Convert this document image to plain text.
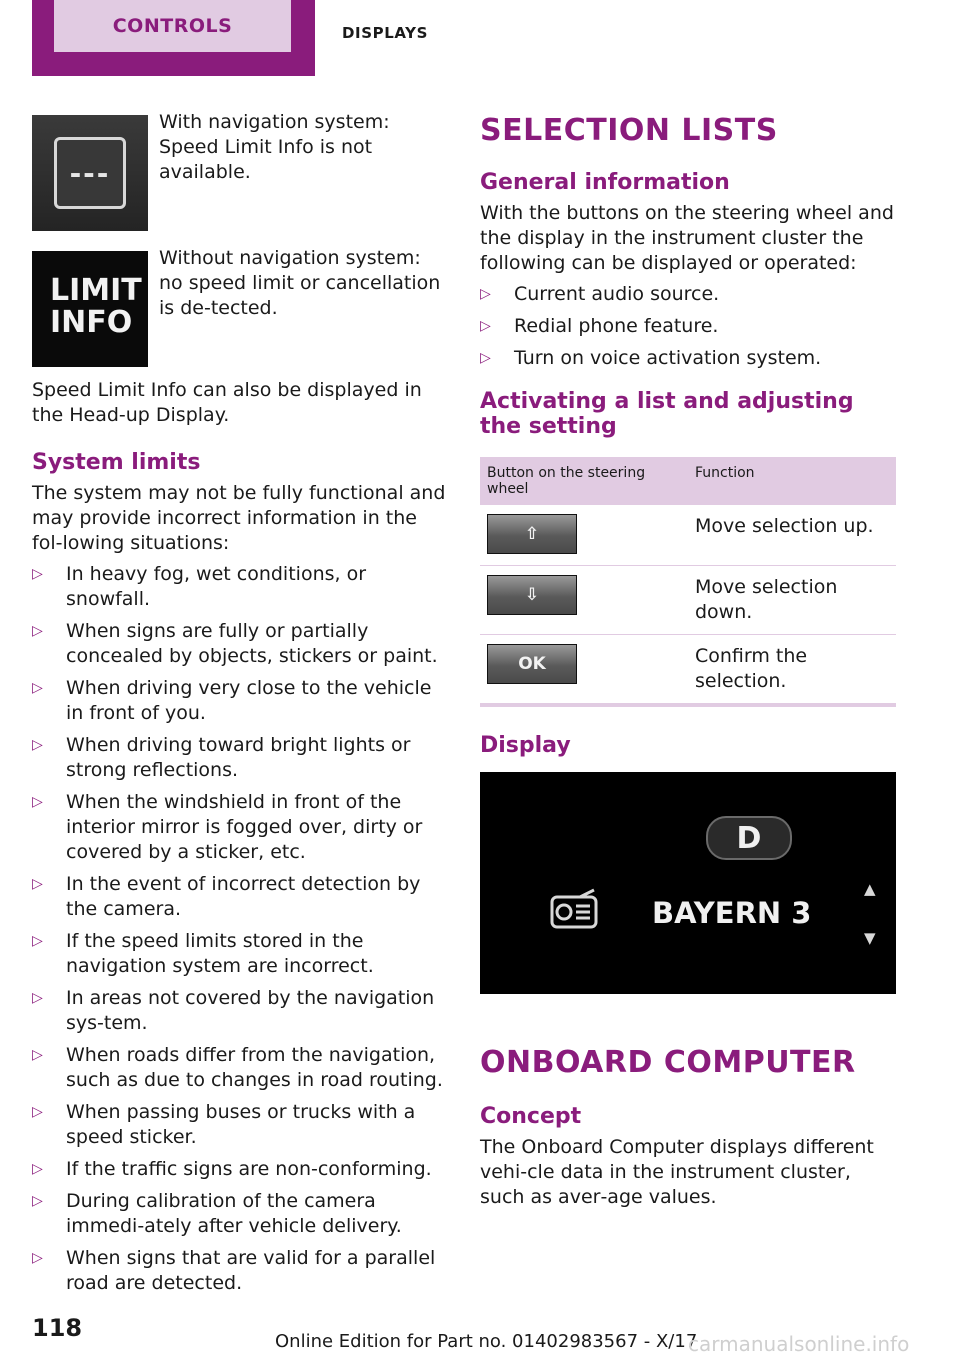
CONTROLS	DISPLAYS
---

With navigation system: Speed Limit Info is not available.

LIMIT
INFO

Without navigation system: no speed limit or cancellation is de‐tected.

Speed Limit Info can also be displayed in the Head-up Display.

System limits

The system may not be fully functional and may provide incorrect information in the fol‐lowing situations:

▷ In heavy fog, wet conditions, or snowfall.
▷ When signs are fully or partially concealed by objects, stickers or paint.
▷ When driving very close to the vehicle in front of you.
▷ When driving toward bright lights or strong reflections.
▷ When the windshield in front of the interior mirror is fogged over, dirty or covered by a sticker, etc.
▷ In the event of incorrect detection by the camera.
▷ If the speed limits stored in the navigation system are incorrect.
▷ In areas not covered by the navigation sys‐tem.
▷ When roads differ from the navigation, such as due to changes in road routing.
▷ When passing buses or trucks with a speed sticker.
▷ If the traffic signs are non-conforming.
▷ During calibration of the camera immedi‐ately after vehicle delivery.
▷ When signs that are valid for a parallel road are detected.
SELECTION LISTS
General information

With the buttons on the steering wheel and the display in the instrument cluster the following can be displayed or operated:

▷ Current audio source.
▷ Redial phone feature.
▷ Turn on voice activation system.
Activating a list and adjusting the setting
Button on the steering wheel	Function

⇧	Move selection up.

⇩	Move selection down.

OK	Confirm the selection.
Display
D
BAYERN 3
▲
▼
ONBOARD COMPUTER
Concept

The Onboard Computer displays different vehi‐cle data in the instrument cluster, such as aver‐age values.

118	Online Edition for Part no. 01402983567 - X/17
carmanualsonline.info
